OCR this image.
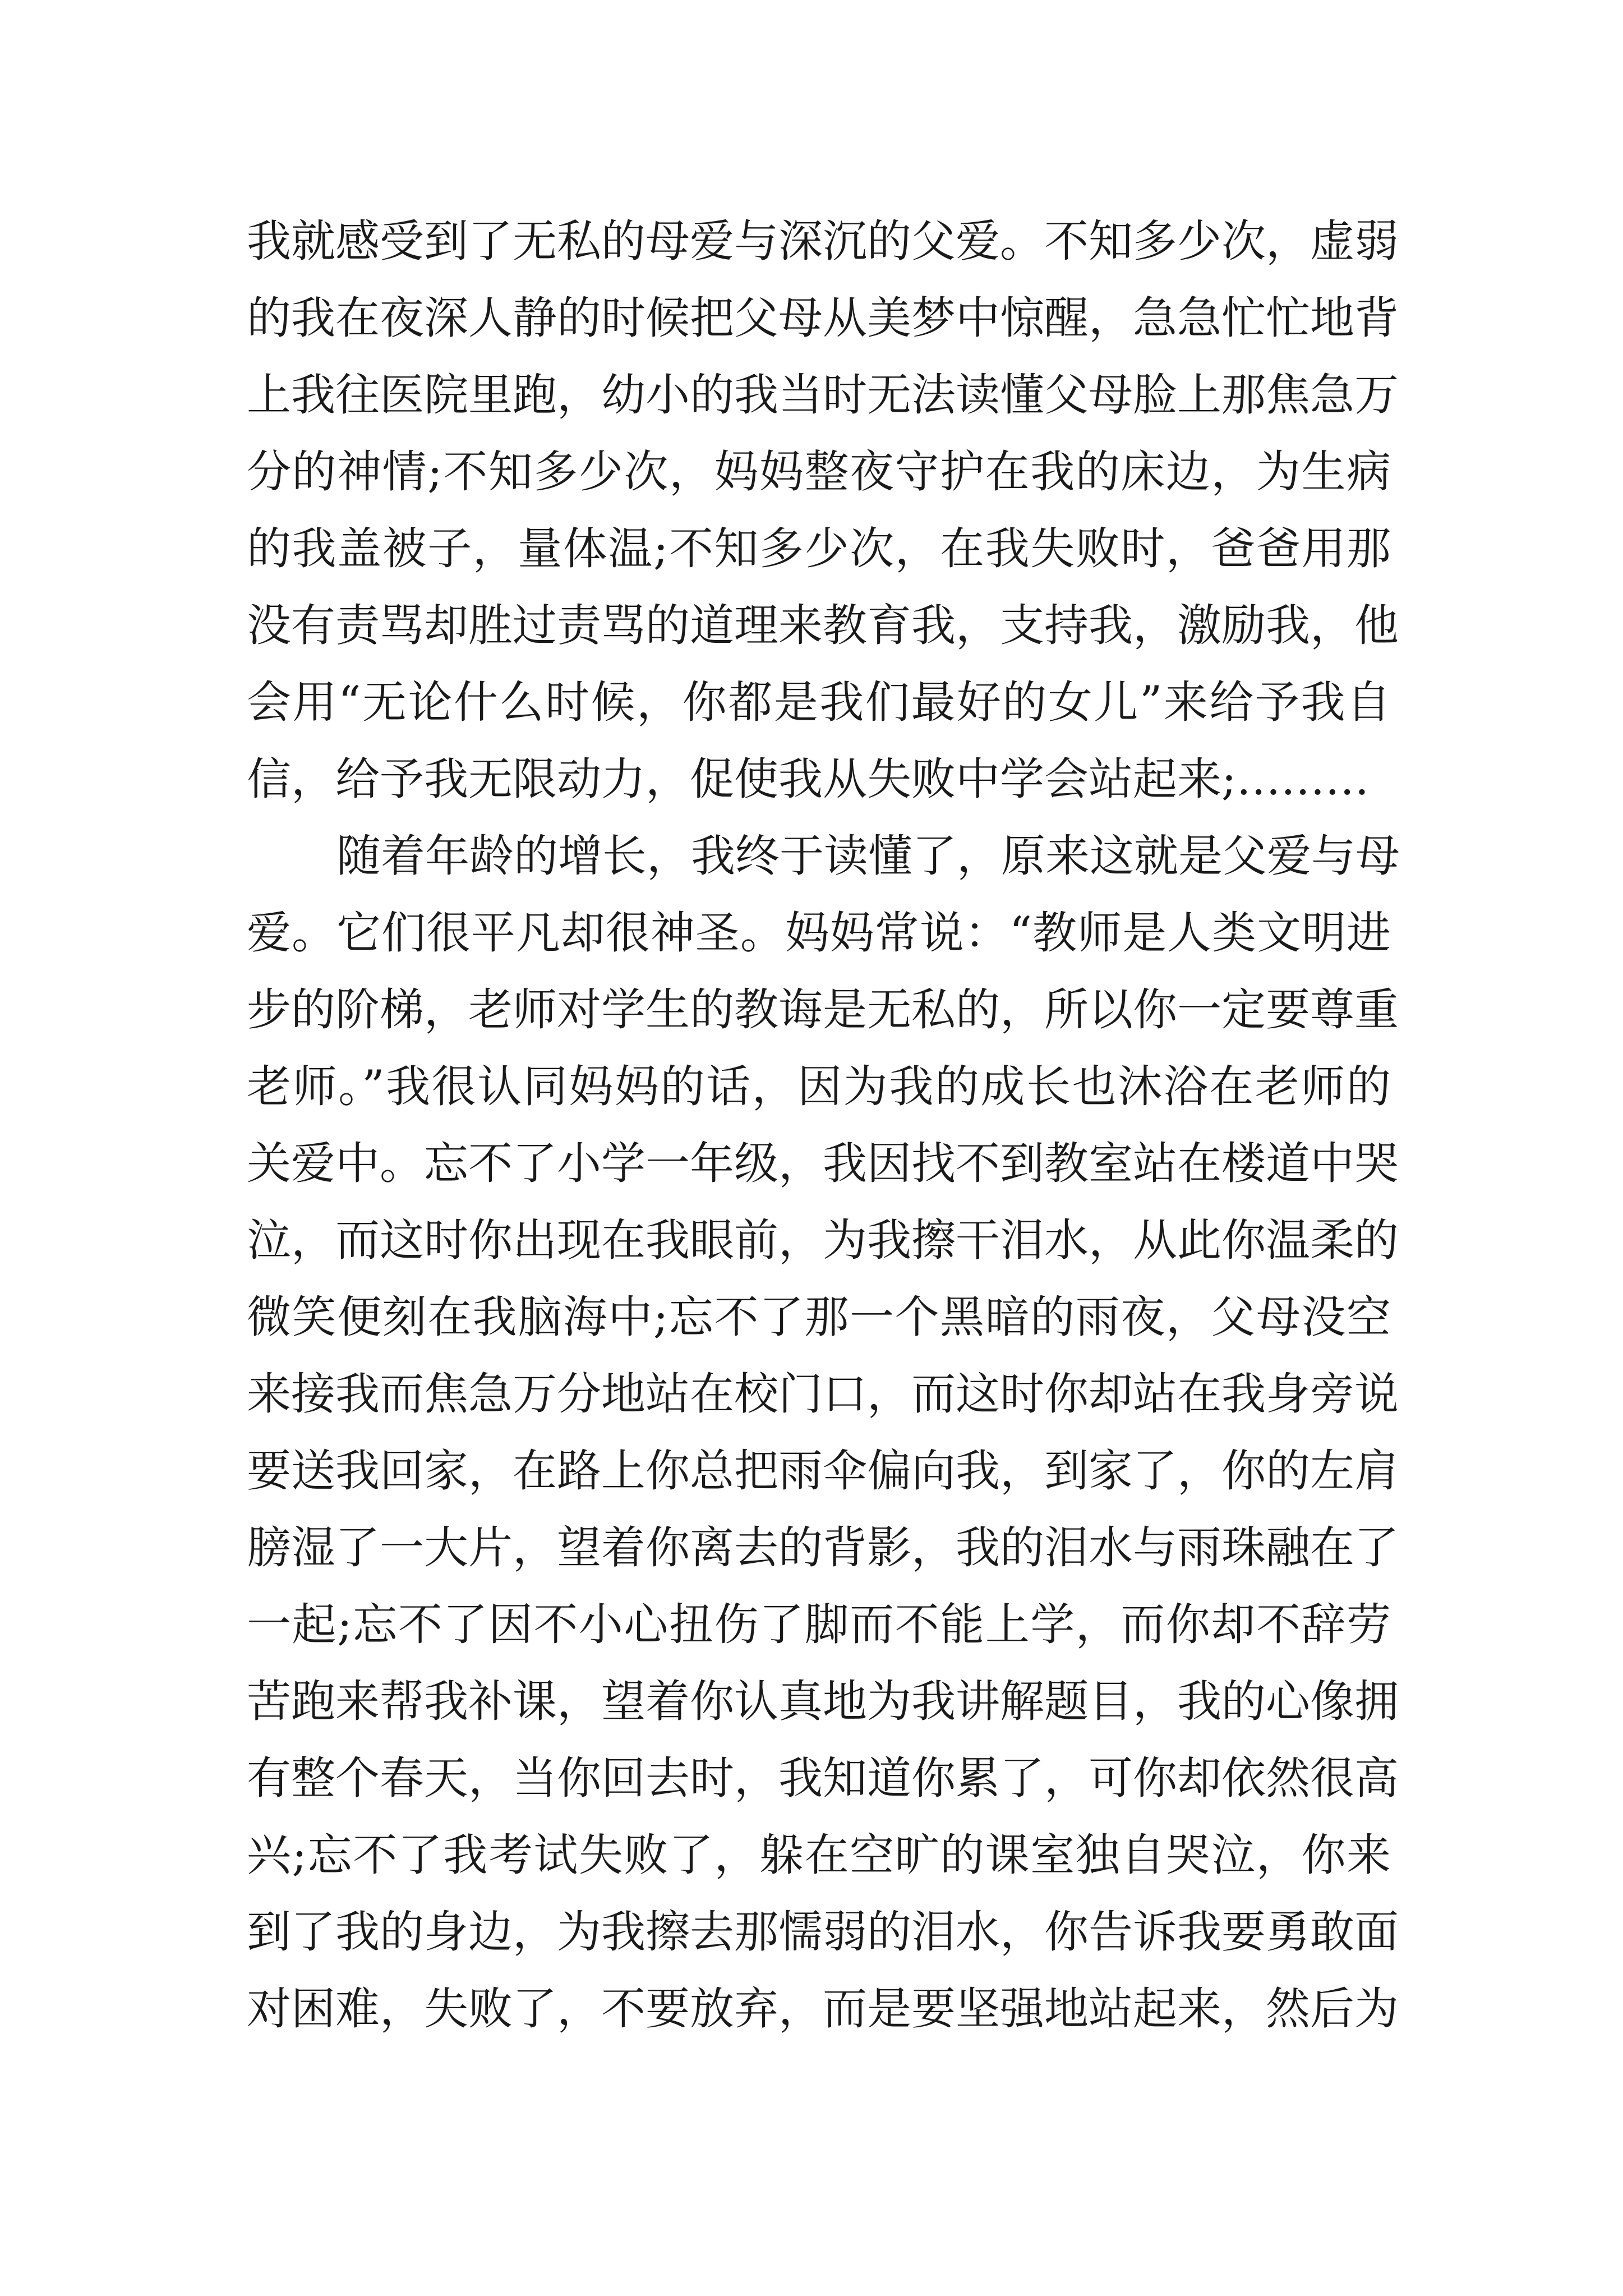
我就感受到了无私的母爱与深沉的父爱。不知多少次，虚弱
的我在夜深人静的时候把父母从美梦中惊醒，急急忙忙地背
上我往医院里跑，幼小的我当时无法读懂父母脸上那焦急万
分的神情;不知多少次，妈妈整夜守护在我的床边，为生病
的我盖被子，量体温;不知多少次，在我失败时，爸爸用那
没有责骂却胜过责骂的道理来教育我，支持我，激励我，他
会用“无论什么时候，你都是我们最好的女儿”来给予我自
信，给予我无限动力，促使我从失败中学会站起来;………
随着年龄的增长，我终于读懂了，原来这就是父爱与母
爱。它们很平凡却很神圣。妈妈常说：“教师是人类文明进
步的阶梯，老师对学生的教诲是无私的，所以你一定要尊重
老师。”我很认同妈妈的话，因为我的成长也沐浴在老师的
关爱中。忘不了小学一年级，我因找不到教室站在楼道中哭
泣，而这时你出现在我眼前，为我擦干泪水，从此你温柔的
微笑便刻在我脑海中;忘不了那一个黑暗的雨夜，父母没空
来接我而焦急万分地站在校门口，而这时你却站在我身旁说
要送我回家，在路上你总把雨伞偏向我，到家了，你的左肩
膀湿了一大片，望着你离去的背影，我的泪水与雨珠融在了
一起;忘不了因不小心扭伤了脚而不能上学，而你却不辞劳
苦跑来帮我补课，望着你认真地为我讲解题目，我的心像拥
有整个春天，当你回去时，我知道你累了，可你却依然很高
兴;忘不了我考试失败了，躲在空旷的课室独自哭泣，你来
到了我的身边，为我擦去那懦弱的泪水，你告诉我要勇敢面
对困难，失败了，不要放弃，而是要坚强地站起来，然后为
